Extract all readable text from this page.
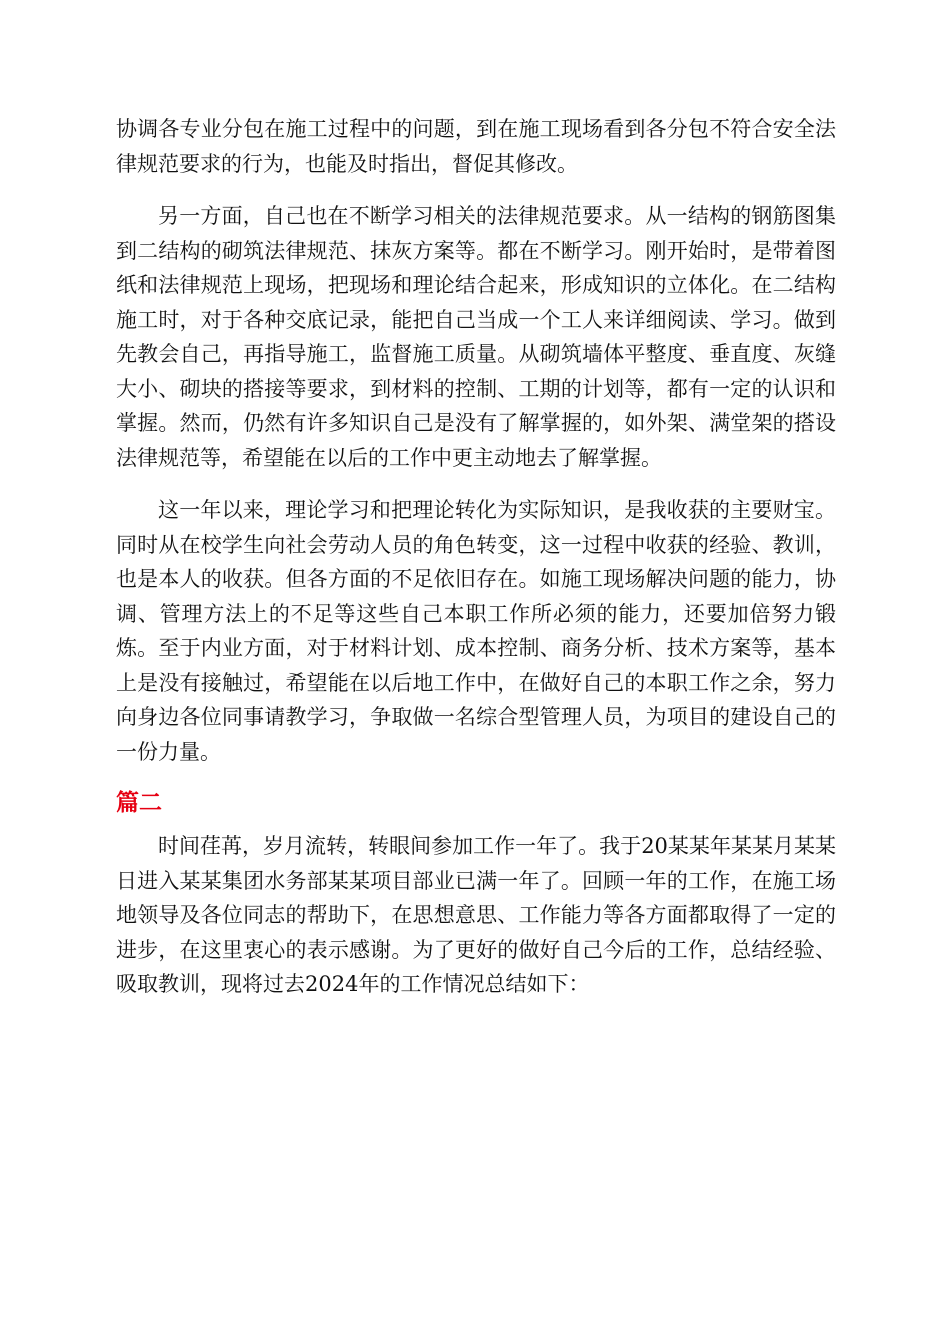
协调各专业分包在施工过程中的问题，到在施工现场看到各分包不符合安全法律规范要求的行为，也能及时指出，督促其修改。

另一方面，自己也在不断学习相关的法律规范要求。从一结构的钢筋图集到二结构的砌筑法律规范、抹灰方案等。都在不断学习。刚开始时，是带着图纸和法律规范上现场，把现场和理论结合起来，形成知识的立体化。在二结构施工时，对于各种交底记录，能把自己当成一个工人来详细阅读、学习。做到先教会自己，再指导施工，监督施工质量。从砌筑墙体平整度、垂直度、灰缝大小、砌块的搭接等要求，到材料的控制、工期的计划等，都有一定的认识和掌握。然而，仍然有许多知识自己是没有了解掌握的，如外架、满堂架的搭设法律规范等，希望能在以后的工作中更主动地去了解掌握。

这一年以来，理论学习和把理论转化为实际知识，是我收获的主要财宝。同时从在校学生向社会劳动人员的角色转变，这一过程中收获的经验、教训，也是本人的收获。但各方面的不足依旧存在。如施工现场解决问题的能力，协调、管理方法上的不足等这些自己本职工作所必须的能力，还要加倍努力锻炼。至于内业方面，对于材料计划、成本控制、商务分析、技术方案等，基本上是没有接触过，希望能在以后地工作中，在做好自己的本职工作之余，努力向身边各位同事请教学习，争取做一名综合型管理人员，为项目的建设自己的一份力量。

篇二

时间荏苒，岁月流转，转眼间参加工作一年了。我于20某某年某某月某某日进入某某集团水务部某某项目部业已满一年了。回顾一年的工作，在施工场地领导及各位同志的帮助下，在思想意思、工作能力等各方面都取得了一定的进步，在这里衷心的表示感谢。为了更好的做好自己今后的工作，总结经验、吸取教训，现将过去2024年的工作情况总结如下：
